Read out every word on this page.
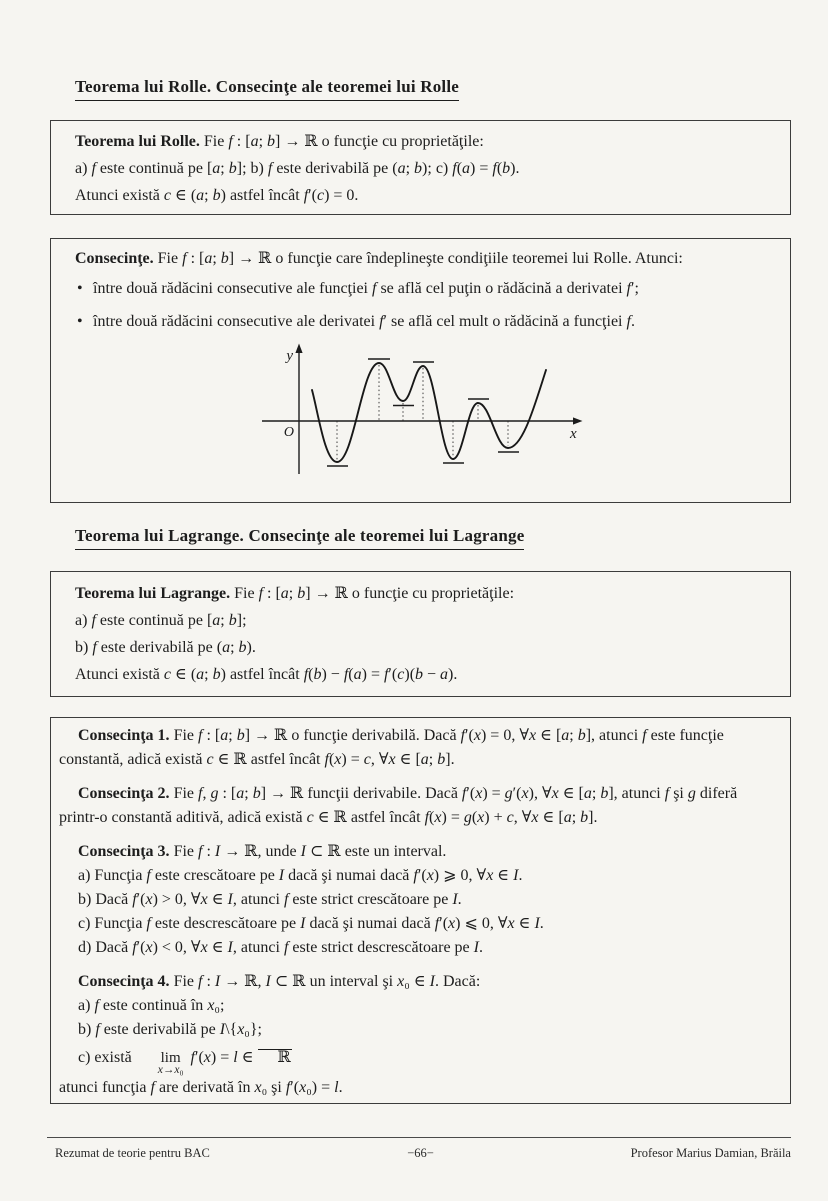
Teorema lui Rolle. Consecinţe ale teoremei lui Rolle
Teorema lui Rolle. Fie f : [a; b] → ℝ o funcţie cu proprietăţile:
a) f este continuă pe [a; b]; b) f este derivabilă pe (a; b); c) f(a) = f(b).
Atunci există c ∈ (a; b) astfel încât f′(c) = 0.
Consecinţe. Fie f : [a; b] → ℝ o funcţie care îndeplineşte condiţiile teoremei lui Rolle. Atunci:
• între două rădăcini consecutive ale funcţiei f se află cel puţin o rădăcină a derivatei f′;
• între două rădăcini consecutive ale derivatei f′ se află cel mult o rădăcină a funcţiei f.
y
O	x
Teorema lui Lagrange. Consecinţe ale teoremei lui Lagrange
Teorema lui Lagrange. Fie f : [a; b] → ℝ o funcţie cu proprietăţile:
a) f este continuă pe [a; b];
b) f este derivabilă pe (a; b).
Atunci există c ∈ (a; b) astfel încât f(b) − f(a) = f′(c)(b − a).
Consecinţa 1. Fie f : [a; b] → ℝ o funcţie derivabilă. Dacă f′(x) = 0, ∀x ∈ [a; b], atunci f este funcţie constantă, adică există c ∈ ℝ astfel încât f(x) = c, ∀x ∈ [a; b].
Consecinţa 2. Fie f, g : [a; b] → ℝ funcţii derivabile. Dacă f′(x) = g′(x), ∀x ∈ [a; b], atunci f şi g diferă printr-o constantă aditivă, adică există c ∈ ℝ astfel încât f(x) = g(x) + c, ∀x ∈ [a; b].
Consecinţa 3. Fie f : I → ℝ, unde I ⊂ ℝ este un interval.
a) Funcţia f este crescătoare pe I dacă şi numai dacă f′(x) ⩾ 0, ∀x ∈ I.
b) Dacă f′(x) > 0, ∀x ∈ I, atunci f este strict crescătoare pe I.
c) Funcţia f este descrescătoare pe I dacă şi numai dacă f′(x) ⩽ 0, ∀x ∈ I.
d) Dacă f′(x) < 0, ∀x ∈ I, atunci f este strict descrescătoare pe I.
Consecinţa 4. Fie f : I → ℝ, I ⊂ ℝ un interval şi x₀ ∈ I. Dacă:
a) f este continuă în x₀;
b) f este derivabilă pe I\{x₀};
c) există	lim
x→x₀
f′(x) = l ∈ ℝ
atunci funcţia f are derivată în x₀ şi f′(x₀) = l.
Rezumat de teorie pentru BAC	−66−	Profesor Marius Damian, Brăila
